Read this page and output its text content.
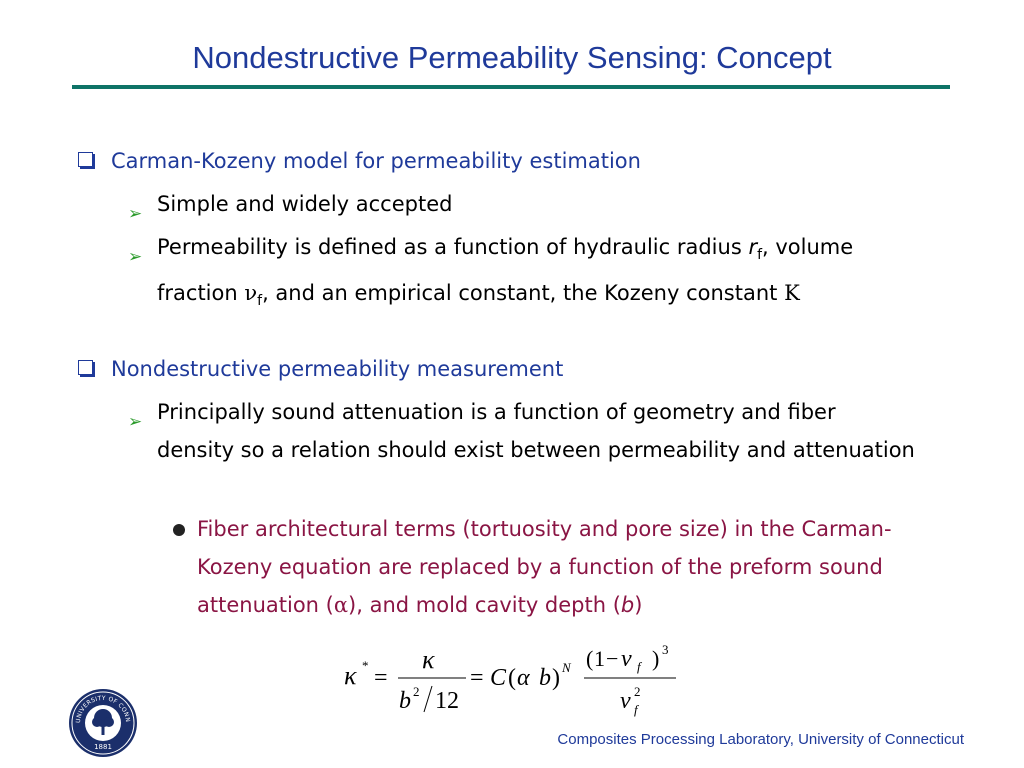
Nondestructive Permeability Sensing: Concept
Carman-Kozeny model for permeability estimation
➢ Simple and widely accepted
➢ Permeability is defined as a function of hydraulic radius $r_f$, volume
fraction $\nu_f$, and an empirical constant, the Kozeny constant K
Nondestructive permeability measurement
➢ Principally sound attenuation is a function of geometry and fiber density so a relation should exist between permeability and attenuation
Fiber architectural terms (tortuosity and pore size) in the Carman-Kozeny equation are replaced by a function of the preform sound attenuation (α), and mold cavity depth (b)
κ * =
κ
b 2 12
= C ( α b ) N ( 1 − ν f ) 3
ν 2
f
UNIVERSITY OF CONN
1881	Composites Processing Laboratory, University of Connecticut
